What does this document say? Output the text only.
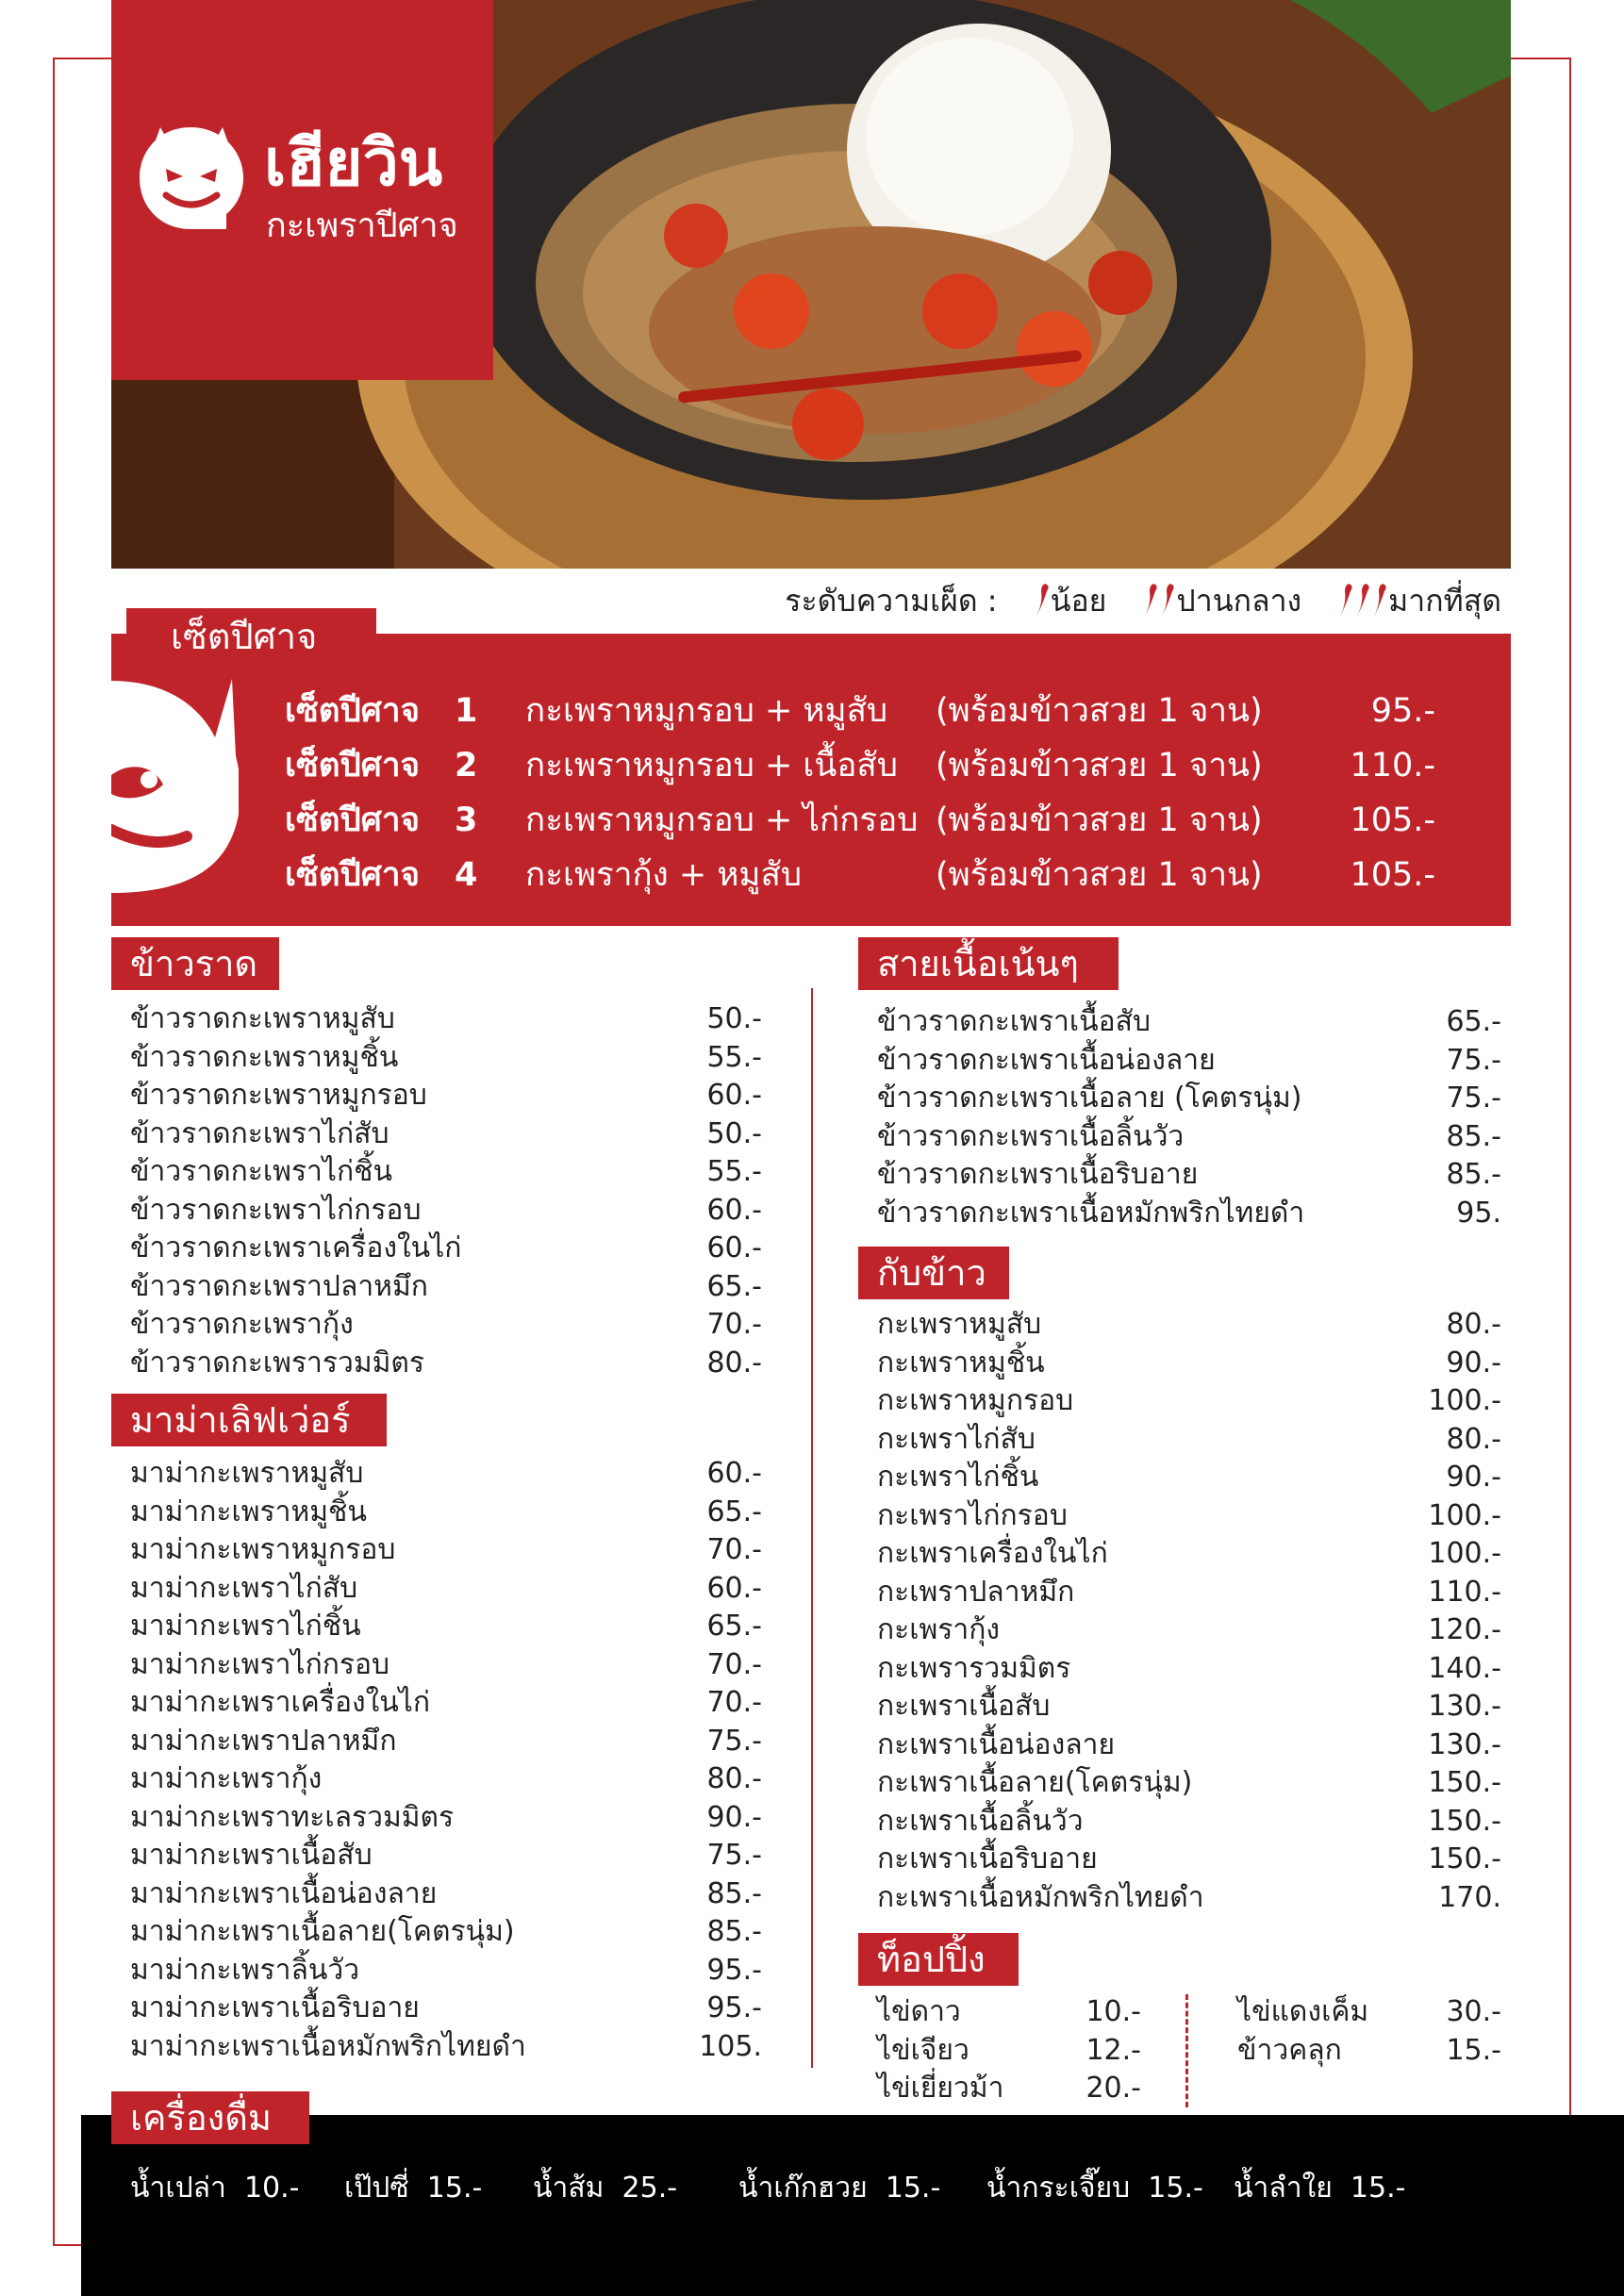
เฮียวิน
กะเพราปีศาจ
ระดับความเผ็ด : น้อย ปานกลาง	มากที่สุด
เซ็ตปีศาจ
เซ็ตปีศาจ 1 กะเพราหมูกรอบ + หมูสับ (พร้อมข้าวสวย 1 จาน)	95.-
เซ็ตปีศาจ 2 กะเพราหมูกรอบ + เนื้อสับ (พร้อมข้าวสวย 1 จาน)	110.-
เซ็ตปีศาจ 3 กะเพราหมูกรอบ + ไก่กรอบ (พร้อมข้าวสวย 1 จาน)	105.-
เซ็ตปีศาจ 4 กะเพรากุ้ง + หมูสับ	(พร้อมข้าวสวย 1 จาน)	105.-
ข้าวราด
ข้าวราดกะเพราหมูสับ	50.-
ข้าวราดกะเพราหมูชิ้น	55.-
ข้าวราดกะเพราหมูกรอบ	60.-
ข้าวราดกะเพราไก่สับ	50.-
ข้าวราดกะเพราไก่ชิ้น	55.-
ข้าวราดกะเพราไก่กรอบ	60.-
ข้าวราดกะเพราเครื่องในไก่	60.-
ข้าวราดกะเพราปลาหมึก	65.-
ข้าวราดกะเพรากุ้ง	70.-
ข้าวราดกะเพรารวมมิตร	80.-
มาม่าเลิฟเว่อร์
มาม่ากะเพราหมูสับ	60.-
มาม่ากะเพราหมูชิ้น	65.-
มาม่ากะเพราหมูกรอบ	70.-
มาม่ากะเพราไก่สับ	60.-
มาม่ากะเพราไก่ชิ้น	65.-
มาม่ากะเพราไก่กรอบ	70.-
มาม่ากะเพราเครื่องในไก่	70.-
มาม่ากะเพราปลาหมึก	75.-
มาม่ากะเพรากุ้ง	80.-
มาม่ากะเพราทะเลรวมมิตร	90.-
มาม่ากะเพราเนื้อสับ	75.-
มาม่ากะเพราเนื้อน่องลาย	85.-
มาม่ากะเพราเนื้อลาย(โคตรนุ่ม)	85.-
มาม่ากะเพราลิ้นวัว	95.-
มาม่ากะเพราเนื้อริบอาย	95.-
มาม่ากะเพราเนื้อหมักพริกไทยดำ	105.
สายเนื้อเน้นๆ
ข้าวราดกะเพราเนื้อสับ	65.-
ข้าวราดกะเพราเนื้อน่องลาย	75.-
ข้าวราดกะเพราเนื้อลาย (โคตรนุ่ม)	75.-
ข้าวราดกะเพราเนื้อลิ้นวัว	85.-
ข้าวราดกะเพราเนื้อริบอาย	85.-
ข้าวราดกะเพราเนื้อหมักพริกไทยดำ	95.
กับข้าว
กะเพราหมูสับ	80.-
กะเพราหมูชิ้น	90.-
กะเพราหมูกรอบ	100.-
กะเพราไก่สับ	80.-
กะเพราไก่ชิ้น	90.-
กะเพราไก่กรอบ	100.-
กะเพราเครื่องในไก่	100.-
กะเพราปลาหมึก	110.-
กะเพรากุ้ง	120.-
กะเพรารวมมิตร	140.-
กะเพราเนื้อสับ	130.-
กะเพราเนื้อน่องลาย	130.-
กะเพราเนื้อลาย(โคตรนุ่ม)	150.-
กะเพราเนื้อลิ้นวัว	150.-
กะเพราเนื้อริบอาย	150.-
กะเพราเนื้อหมักพริกไทยดำ	170.
ท็อปปิ้ง
ไข่ดาว	10.-
ไข่เจียว	12.-
ไข่เยี่ยวม้า	20.-
ไข่แดงเค็ม	30.-
ข้าวคลุก	15.-
เครื่องดื่ม
น้ำเปล่า 10.- เป๊ปซี่ 15.- น้ำส้ม 25.- น้ำเก๊กฮวย 15.- น้ำกระเจี๊ยบ 15.- น้ำลำใย 15.-
